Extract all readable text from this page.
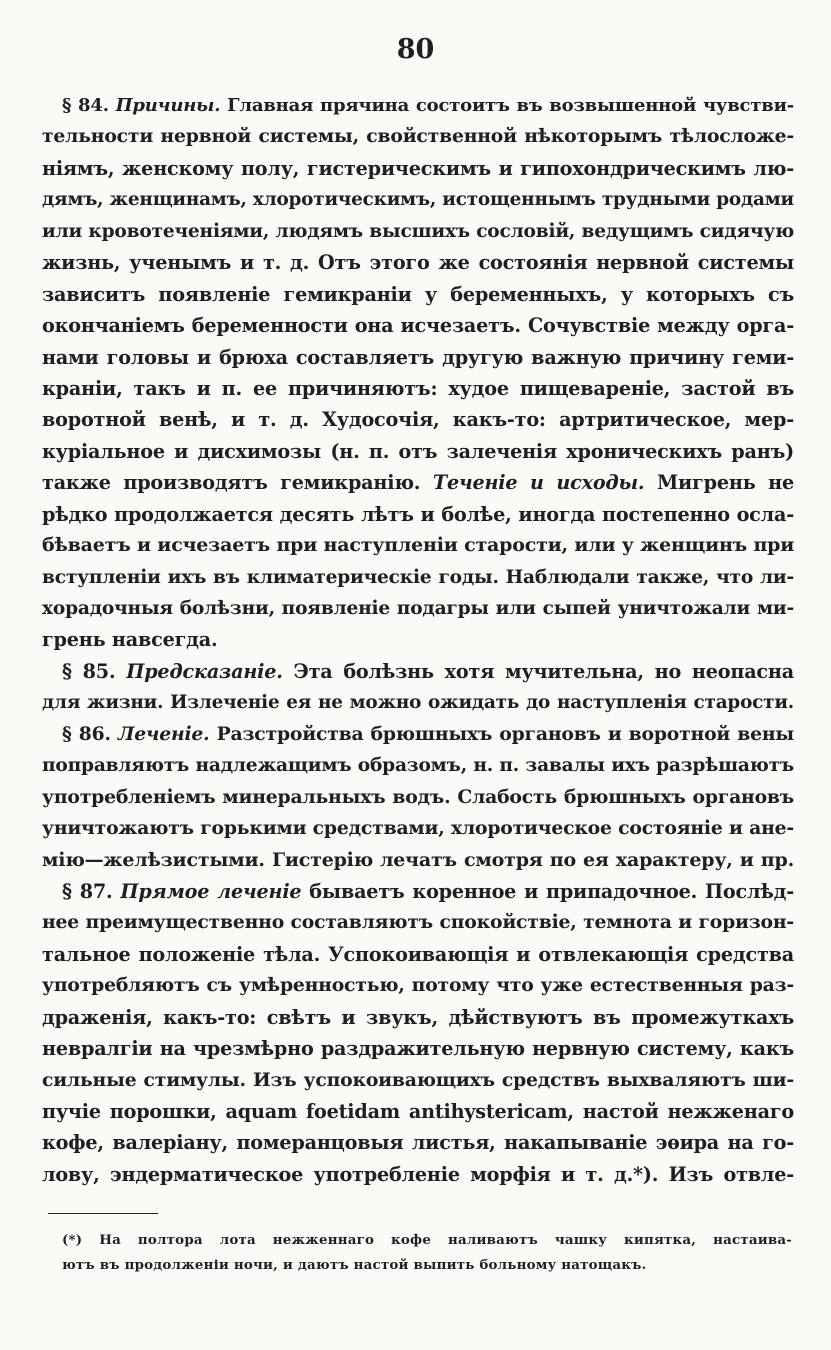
80
§ 84. Причины. Главная прячина состоитъ въ возвышенной чувстви-
тельности нервной системы, свойственной нѣкоторымъ тѣлосложе-
ніямъ, женскому полу, гистерическимъ и гипохондрическимъ лю-
дямъ, женщинамъ, хлоротическимъ, истощеннымъ трудными родами
или кровотеченіями, людямъ высшихъ сословій, ведущимъ сидячую
жизнь, ученымъ и т. д. Отъ этого же состоянія нервной системы
зависитъ появленіе гемикраніи у беременныхъ, у которыхъ съ
окончаніемъ беременности она исчезаетъ. Сочувствіе между орга-
нами головы и брюха составляетъ другую важную причину геми-
краніи, такъ и п. ее причиняютъ: худое пищевареніе, застой въ
воротной венѣ, и т. д. Худосочія, какъ-то: артритическое, мер-
куріальное и дисхимозы (н. п. отъ залеченія хроническихъ ранъ)
также производятъ гемикранію. Теченіе и исходы. Мигрень не
рѣдко продолжается десять лѣтъ и болѣе, иногда постепенно осла-
бѣваетъ и исчезаетъ при наступленіи старости, или у женщинъ при
вступленіи ихъ въ климатерическіе годы. Наблюдали также, что ли-
хорадочныя болѣзни, появленіе подагры или сыпей уничтожали ми-
грень навсегда.
§ 85. Предсказаніе. Эта болѣзнь хотя мучительна, но неопасна
для жизни. Излеченіе ея не можно ожидать до наступленія старости.
§ 86. Леченіе. Разстройства брюшныхъ органовъ и воротной вены
поправляютъ надлежащимъ образомъ, н. п. завалы ихъ разрѣшаютъ
употребленіемъ минеральныхъ водъ. Слабость брюшныхъ органовъ
уничтожаютъ горькими средствами, хлоротическое состояніе и ане-
мію—желѣзистыми. Гистерію лечатъ смотря по ея характеру, и пр.
§ 87. Прямое леченіе бываетъ коренное и припадочное. Послѣд-
нее преимущественно составляютъ спокойствіе, темнота и горизон-
тальное положеніе тѣла. Успокоивающія и отвлекающія средства
употребляютъ съ умѣренностью, потому что уже естественныя раз-
драженія, какъ-то: свѣтъ и звукъ, дѣйствуютъ въ промежуткахъ
невралгіи на чрезмѣрно раздражительную нервную систему, какъ
сильные стимулы. Изъ успокоивающихъ средствъ выхваляютъ ши-
пучіе порошки, aquam foetidam antihystericam, настой нежженаго
кофе, валеріану, померанцовыя листья, накапываніе эѳира на го-
лову, эндерматическое употребленіе морфія и т. д.*). Изъ отвле-
(*) На полтора лота нежженнаго кофе наливаютъ чашку кипятка, настаива-
ютъ въ продолженіи ночи, и даютъ настой выпить больному натощакъ.
